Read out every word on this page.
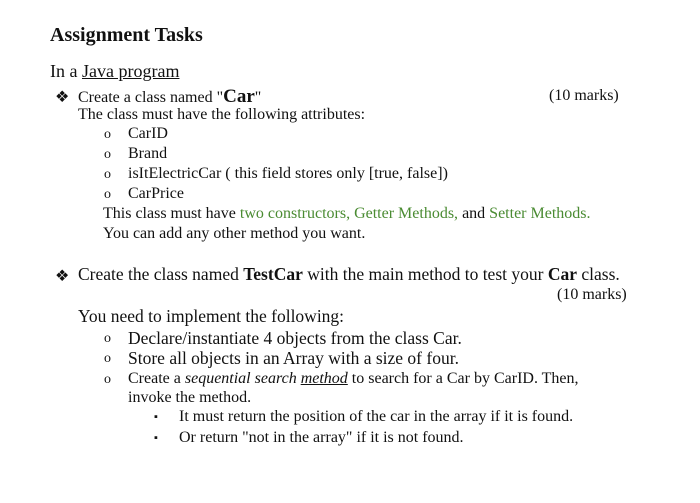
Assignment Tasks
In a Java program
❖ Create a class named "Car"	(10 marks)
The class must have the following attributes:
o CarID
o Brand
o isItElectricCar ( this field stores only [true, false])
o CarPrice
This class must have two constructors, Getter Methods, and Setter Methods.
You can add any other method you want.
❖ Create the class named TestCar with the main method to test your Car class.
(10 marks)
You need to implement the following:
o Declare/instantiate 4 objects from the class Car.
o Store all objects in an Array with a size of four.
o Create a sequential search method to search for a Car by CarID. Then,
invoke the method.
▪ It must return the position of the car in the array if it is found.
▪ Or return "not in the array" if it is not found.
